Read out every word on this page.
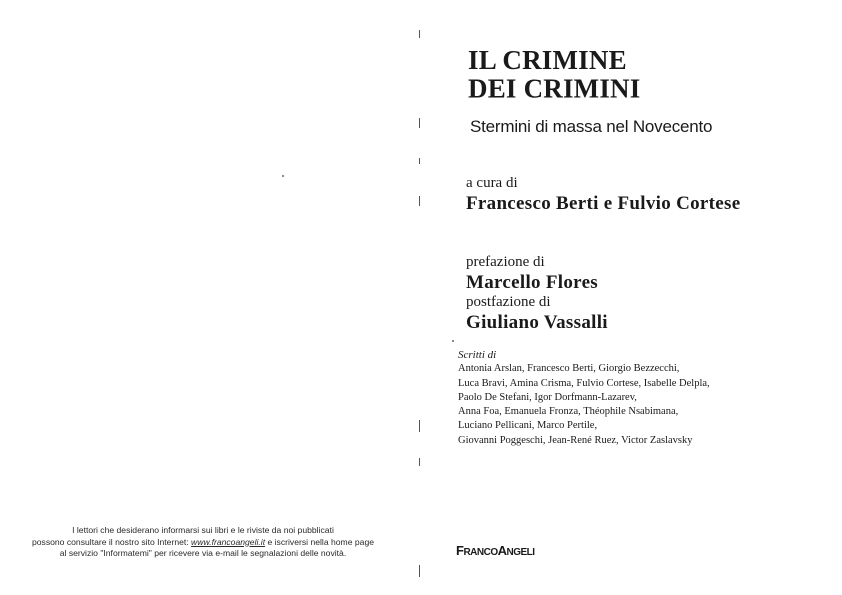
IL CRIMINE
DEI CRIMINI
Stermini di massa nel Novecento
a cura di
Francesco Berti e Fulvio Cortese
prefazione di
Marcello Flores
postfazione di
Giuliano Vassalli
Scritti di
Antonia Arslan, Francesco Berti, Giorgio Bezzecchi,
Luca Bravi, Amina Crisma, Fulvio Cortese, Isabelle Delpla,
Paolo De Stefani, Igor Dorfmann-Lazarev,
Anna Foa, Emanuela Fronza, Théophile Nsabimana,
Luciano Pellicani, Marco Pertile,
Giovanni Poggeschi, Jean-René Ruez, Victor Zaslavsky
FRANCOANGELI
I lettori che desiderano informarsi sui libri e le riviste da noi pubblicati
possono consultare il nostro sito Internet: www.francoangeli.it e iscriversi nella home page
al servizio "Informatemi" per ricevere via e-mail le segnalazioni delle novità.
